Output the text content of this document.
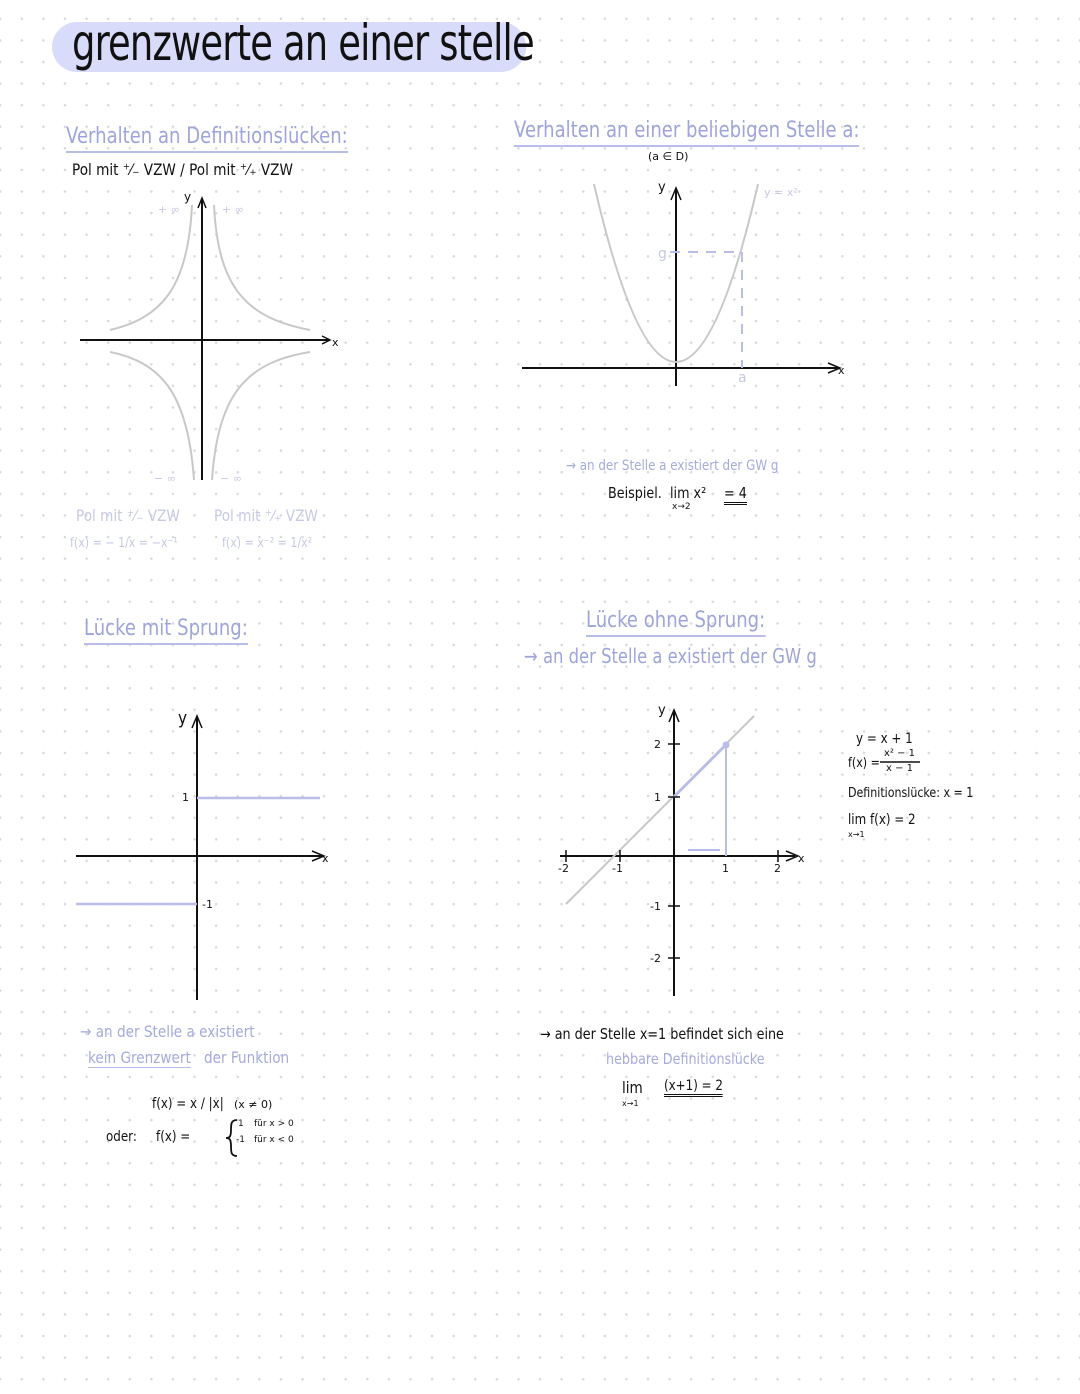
grenzwerte an einer stelle
Verhalten an Definitionslücken:
Pol mit ⁺⁄₋ VZW / Pol mit ⁺⁄₊ VZW
y
x
+ ∞	+ ∞
− ∞	− ∞
Pol mit ⁺⁄₋ VZW
f(x) = − 1/x = −x⁻¹
Pol mit ⁺⁄₊ VZW
f(x) = x⁻² = 1/x²
Verhalten an einer beliebigen Stelle a:
(a ∈ D)
y
x
g
a
y = x²
→ an der Stelle a existiert der GW g
Beispiel. lim x²
x→2
= 4
Lücke mit Sprung:
y
x
1
-1
→ an der Stelle a existiert
kein Grenzwert der Funktion
f(x) = x / |x| (x ≠ 0)
oder: f(x) =
1 für x > 0
-1 für x < 0
Lücke ohne Sprung:
→ an der Stelle a existiert der GW g
y
x
2
1
-1
-2
-2	-1	1	2
y = x + 1
f(x) =
x² − 1
x − 1
Definitionslücke: x = 1
lim f(x) = 2
x→1
→ an der Stelle x=1 befindet sich eine
hebbare Definitionslücke
lim (x+1) = 2
x→1
